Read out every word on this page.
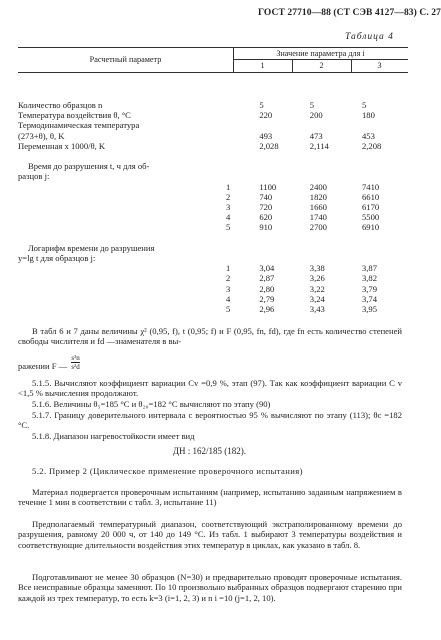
ГОСТ 27710—88 (СТ СЭВ 4127—83) С. 27
Таблица 4
Расчетный параметр
Значение параметра для i
1	2	3
Количество образцов n	5	5	5
Температура воздействия θ, °С	220	200	180
Термодинамическая температура			
(273+θ), θ, K	493	473	453
Переменная x 1000/θ, K	2,028	2,114	2,208

Время до разрушения t, ч для об-			
разцов j:			
1	1100	2400	7410
2	740	1820	6610
3	720	1660	6170
4	620	1740	5500
5	910	2700	6910

Логарифм времени до разрушения			
y=lg t для образцов j:			
1	3,04	3,38	3,87
2	2,87	3,26	3,82
3	2,80	3,22	3,79
4	2,79	3,24	3,74
5	2,96	3,43	3,95
В табл 6 и 7 даны величины χ² (0,95, f), t (0,95; f) и F (0,95, fn, fd), где fn есть количество степеней свободы числителя и fd —знаменателя в вы-
ражении F — $\frac{\text{s²n}}{\text{s²d}}$
5.1.5. Вычисляют коэффициент вариации Cv =0,9 %, этап (97). Так как коэффициент вариации C v <1,5 % вычисления продолжают.
5.1.6. Величины θ₅=185 °C и θ₂₀=182 °C вычисляют по этапу (90)
5.1.7. Границу доверительного интервала с вероятностью 95 % вычисляют по этапу (113); θc =182 °C.
5.1.8. Диапазон нагревостойкости имеет вид
ДН : 162/185 (182).
5.2. Пример 2 (Циклическое применение проверочного испытания)
Материал подвергается проверочным испытаниям (например, испытанию заданным напряжением в течение 1 мин в соответствии с табл. 3, испытание 11)
Предполагаемый температурный диапазон, соответствующий экстраполированному времени до разрушения, равному 20 000 ч, от 140 до 149 °С. Из табл. 1 выбирают 3 температуры воздействия и соответствующие длительности воздействия этих температур в циклах, как указано в табл. 8.
Подготавливают не менее 30 образцов (N=30) и предварительно проводят проверочные испытания. Все неисправные образцы заменяют. По 10 произвольно выбранных образцов подвергают старению при каждой из трех температур, то есть k=3 (i=1, 2, 3) и n i =10 (j=1, 2, 10).
